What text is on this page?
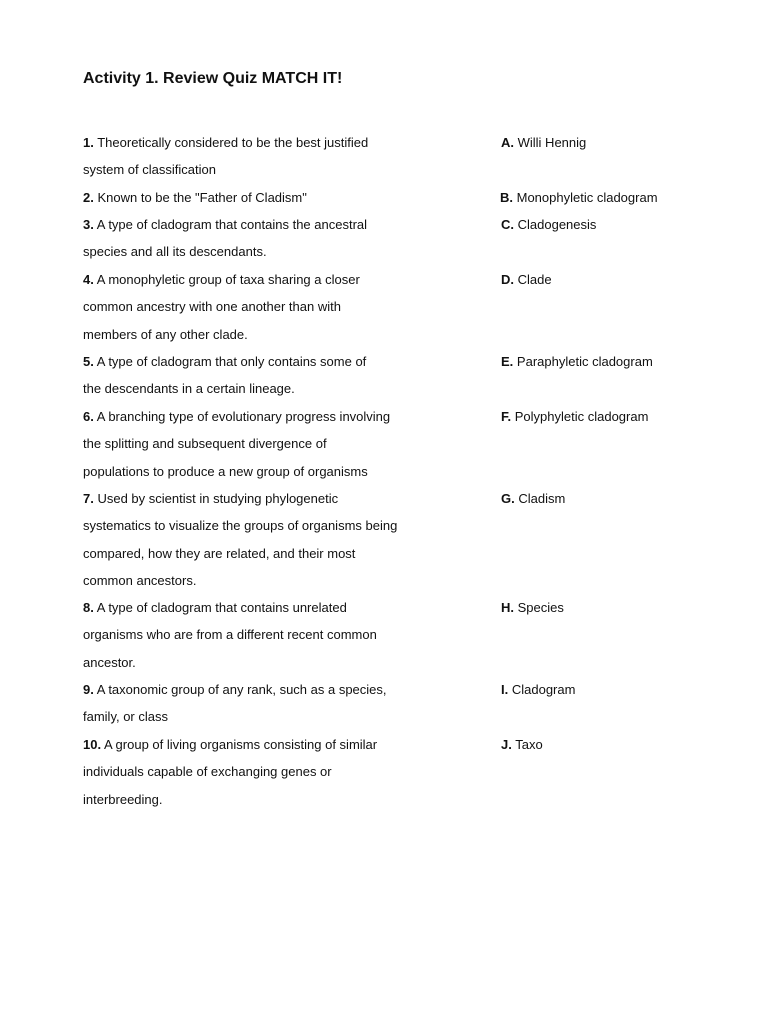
Activity 1. Review Quiz MATCH IT!
1. Theoretically considered to be the best justified
system of classification
A. Willi Hennig
2. Known to be the "Father of Cladism"	B. Monophyletic cladogram
3. A type of cladogram that contains the ancestral
species and all its descendants.
C. Cladogenesis
4. A monophyletic group of taxa sharing a closer
common ancestry with one another than with
members of any other clade.
D. Clade
5. A type of cladogram that only contains some of
the descendants in a certain lineage.
E. Paraphyletic cladogram
6. A branching type of evolutionary progress involving
the splitting and subsequent divergence of
populations to produce a new group of organisms
F. Polyphyletic cladogram
7. Used by scientist in studying phylogenetic
systematics to visualize the groups of organisms being
compared, how they are related, and their most
common ancestors.
G. Cladism
8. A type of cladogram that contains unrelated
organisms who are from a different recent common
ancestor.
H. Species
9. A taxonomic group of any rank, such as a species,
family, or class
I. Cladogram
10. A group of living organisms consisting of similar
individuals capable of exchanging genes or
interbreeding.
J. Taxo
